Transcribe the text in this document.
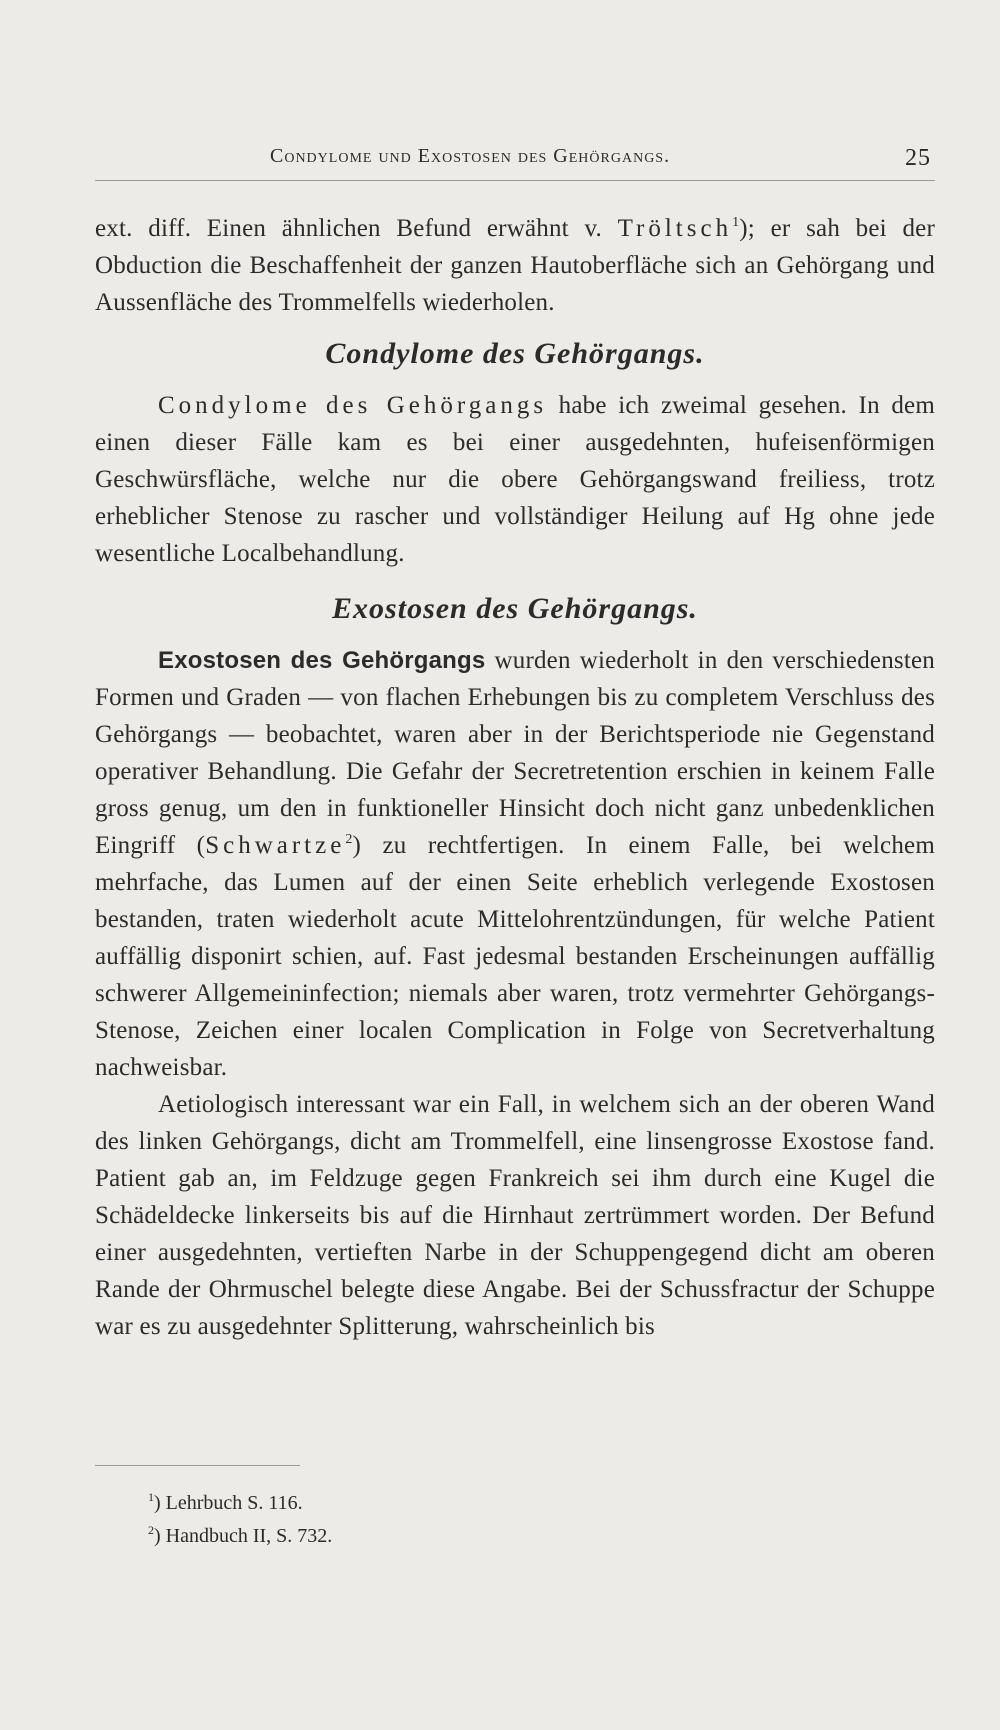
Condylome und Exostosen des Gehörgangs.	25

ext. diff. Einen ähnlichen Befund erwähnt v. Tröltsch$^1$); er sah bei der Obduction die Beschaffenheit der ganzen Hautoberfläche sich an Gehörgang und Aussenfläche des Trommelfells wiederholen.

Condylome des Gehörgangs.

Condylome des Gehörgangs habe ich zweimal gesehen. In dem einen dieser Fälle kam es bei einer ausgedehnten, hufeisenförmigen Geschwürsfläche, welche nur die obere Gehörgangswand freiliess, trotz erheblicher Stenose zu rascher und vollständiger Heilung auf Hg ohne jede wesentliche Localbehandlung.

Exostosen des Gehörgangs.

Exostosen des Gehörgangs wurden wiederholt in den verschiedensten Formen und Graden — von flachen Erhebungen bis zu completem Verschluss des Gehörgangs — beobachtet, waren aber in der Berichtsperiode nie Gegenstand operativer Behandlung. Die Gefahr der Secretretention erschien in keinem Falle gross genug, um den in funktioneller Hinsicht doch nicht ganz unbedenklichen Eingriff (Schwartze$^2$) zu rechtfertigen. In einem Falle, bei welchem mehrfache, das Lumen auf der einen Seite erheblich verlegende Exostosen bestanden, traten wiederholt acute Mittelohrentzündungen, für welche Patient auffällig disponirt schien, auf. Fast jedesmal bestanden Erscheinungen auffällig schwerer Allgemeininfection; niemals aber waren, trotz vermehrter Gehörgangs-Stenose, Zeichen einer localen Complication in Folge von Secretverhaltung nachweisbar.

Aetiologisch interessant war ein Fall, in welchem sich an der oberen Wand des linken Gehörgangs, dicht am Trommelfell, eine linsengrosse Exostose fand. Patient gab an, im Feldzuge gegen Frankreich sei ihm durch eine Kugel die Schädeldecke linkerseits bis auf die Hirnhaut zertrümmert worden. Der Befund einer ausgedehnten, vertieften Narbe in der Schuppengegend dicht am oberen Rande der Ohrmuschel belegte diese Angabe. Bei der Schussfractur der Schuppe war es zu ausgedehnter Splitterung, wahrscheinlich bis

$^1$) Lehrbuch S. 116.
$^2$) Handbuch II, S. 732.
